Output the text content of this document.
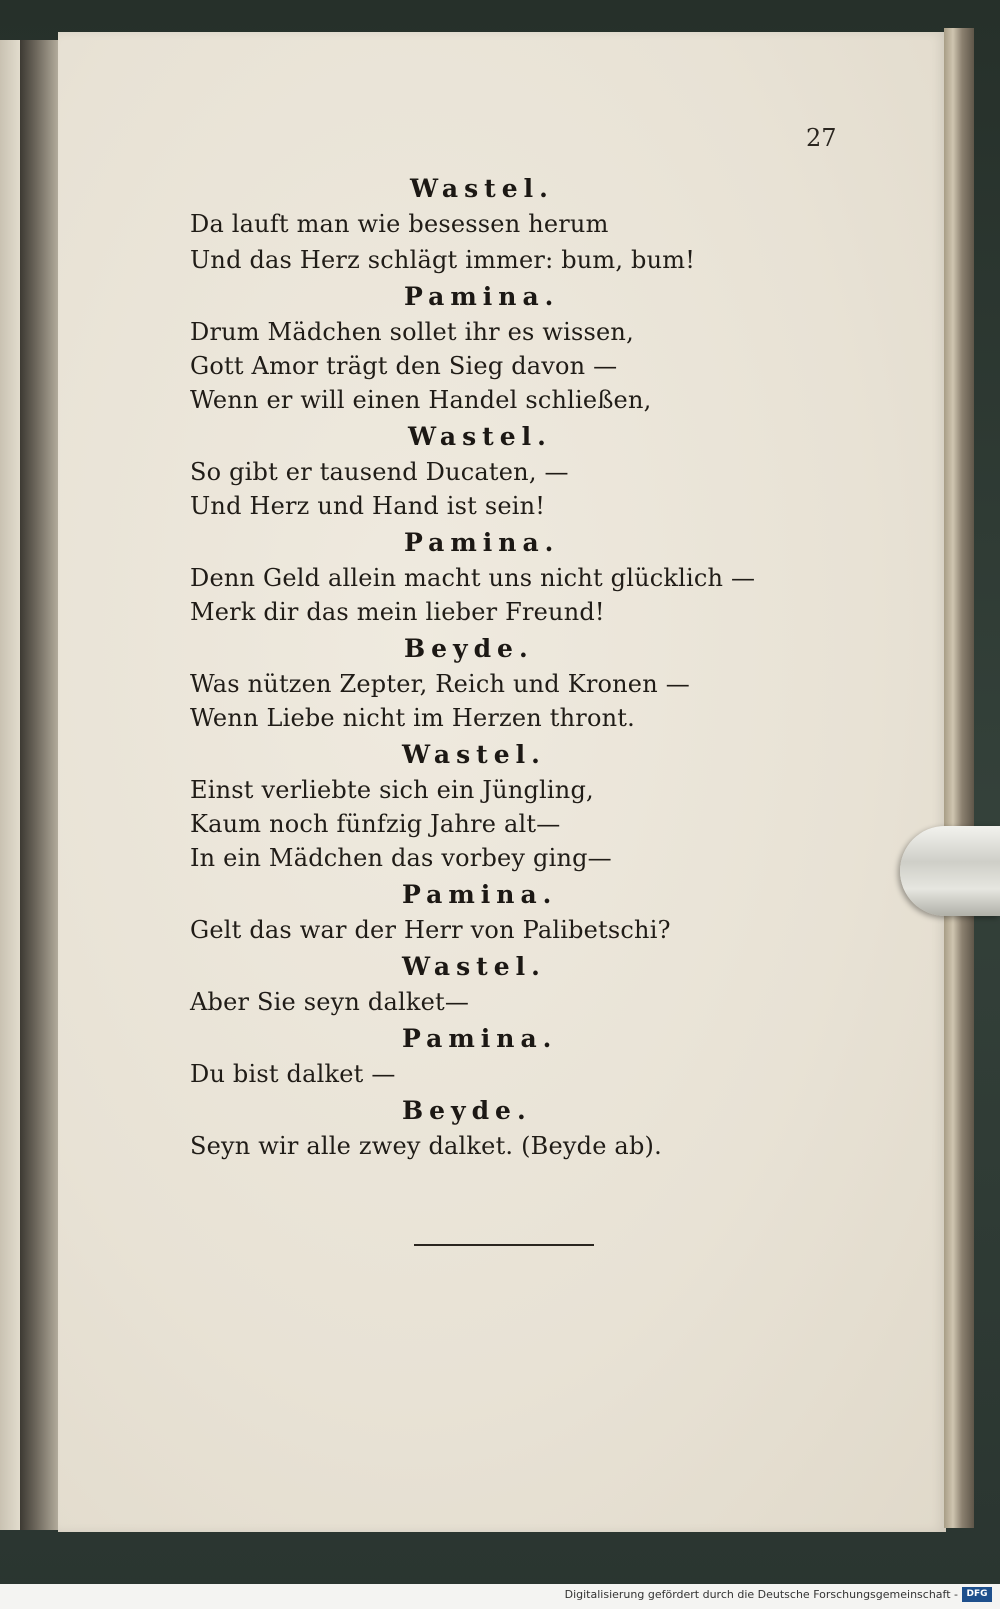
27
Wastel.
Da lauft man wie besessen herum
Und das Herz schlägt immer: bum, bum!
Pamina.
Drum Mädchen sollet ihr es wissen,
Gott Amor trägt den Sieg davon —
Wenn er will einen Handel schließen,
Wastel.
So gibt er tausend Ducaten, —
Und Herz und Hand ist sein!
Pamina.
Denn Geld allein macht uns nicht glücklich —
Merk dir das mein lieber Freund!
Beyde.
Was nützen Zepter, Reich und Kronen —
Wenn Liebe nicht im Herzen thront.
Wastel.
Einst verliebte sich ein Jüngling,
Kaum noch fünfzig Jahre alt—
In ein Mädchen das vorbey ging—
Pamina.
Gelt das war der Herr von Palibetschi?
Wastel.
Aber Sie seyn dalket—
Pamina.
Du bist dalket —
Beyde.
Seyn wir alle zwey dalket. (Beyde ab).
Digitalisierung gefördert durch die Deutsche Forschungsgemeinschaft - DFG
